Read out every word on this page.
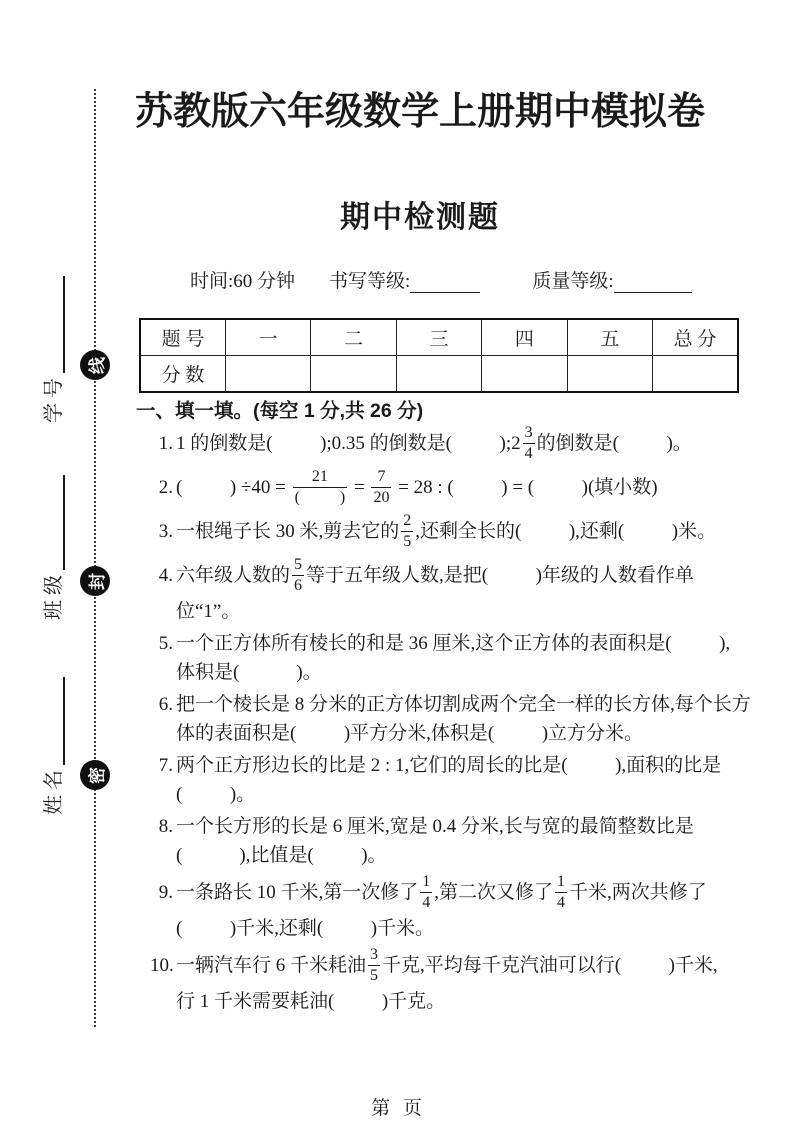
姓名
班级
学号
线
封
密
苏教版六年级数学上册期中模拟卷
期中检测题
时间:60 分钟 书写等级:	质量等级:
题 号	一	二	三	四	五	总 分
分 数						
一、填一填。(每空 1 分,共 26 分)
1. 1 的倒数是(          );0.35 的倒数是(          );2 $\frac{3}{4}$ 的倒数是(          )。
2. (          ) $\div 40 = \frac{21}{( )} = \frac{7}{20} = 28$ : (          ) = (          )(填小数)
3. 一根绳子长 30 米,剪去它的 $\frac{2}{5}$ ,还剩全长的(          ),还剩(          )米。
4. 六年级人数的 $\frac{5}{6}$ 等于五年级人数,是把(          )年级的人数看作单
位“1”。
5. 一个正方体所有棱长的和是 36 厘米,这个正方体的表面积是(          ),
体积是(            )。
6. 把一个棱长是 8 分米的正方体切割成两个完全一样的长方体,每个长方
体的表面积是(          )平方分米,体积是(          )立方分米。
7. 两个正方形边长的比是 2 : 1,它们的周长的比是(          ),面积的比是
(          )。
8. 一个长方形的长是 6 厘米,宽是 0.4 分米,长与宽的最简整数比是
(            ),比值是(          )。
9. 一条路长 10 千米,第一次修了 $\frac{1}{4}$ ,第二次又修了 $\frac{1}{4}$ 千米,两次共修了
(          )千米,还剩(          )千米。
10. 一辆汽车行 6 千米耗油 $\frac{3}{5}$ 千克,平均每千克汽油可以行(          )千米,
行 1 千米需要耗油(          )千克。
第 页
